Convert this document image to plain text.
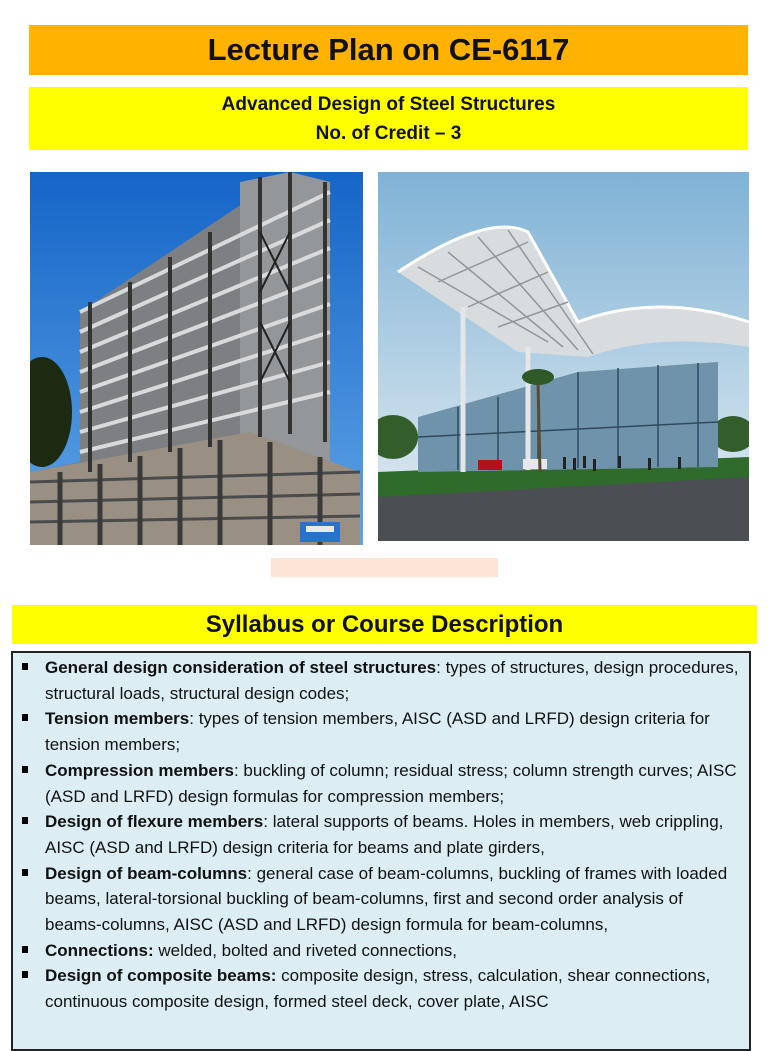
Lecture Plan on CE-6117
Advanced Design of Steel Structures
No. of Credit – 3
Syllabus or Course Description
General design consideration of steel structures: types of structures, design procedures, structural loads, structural design codes;
Tension members: types of tension members, AISC (ASD and LRFD) design criteria for tension members;
Compression members: buckling of column; residual stress; column strength curves; AISC (ASD and LRFD) design formulas for compression members;
Design of flexure members: lateral supports of beams. Holes in members, web crippling, AISC (ASD and LRFD) design criteria for beams and plate girders,
Design of beam-columns: general case of beam-columns, buckling of frames with loaded beams, lateral-torsional buckling of beam-columns, first and second order analysis of beams-columns, AISC (ASD and LRFD) design formula for beam-columns,
Connections: welded, bolted and riveted connections,
Design of composite beams: composite design, stress, calculation, shear connections, continuous composite design, formed steel deck, cover plate, AISC
